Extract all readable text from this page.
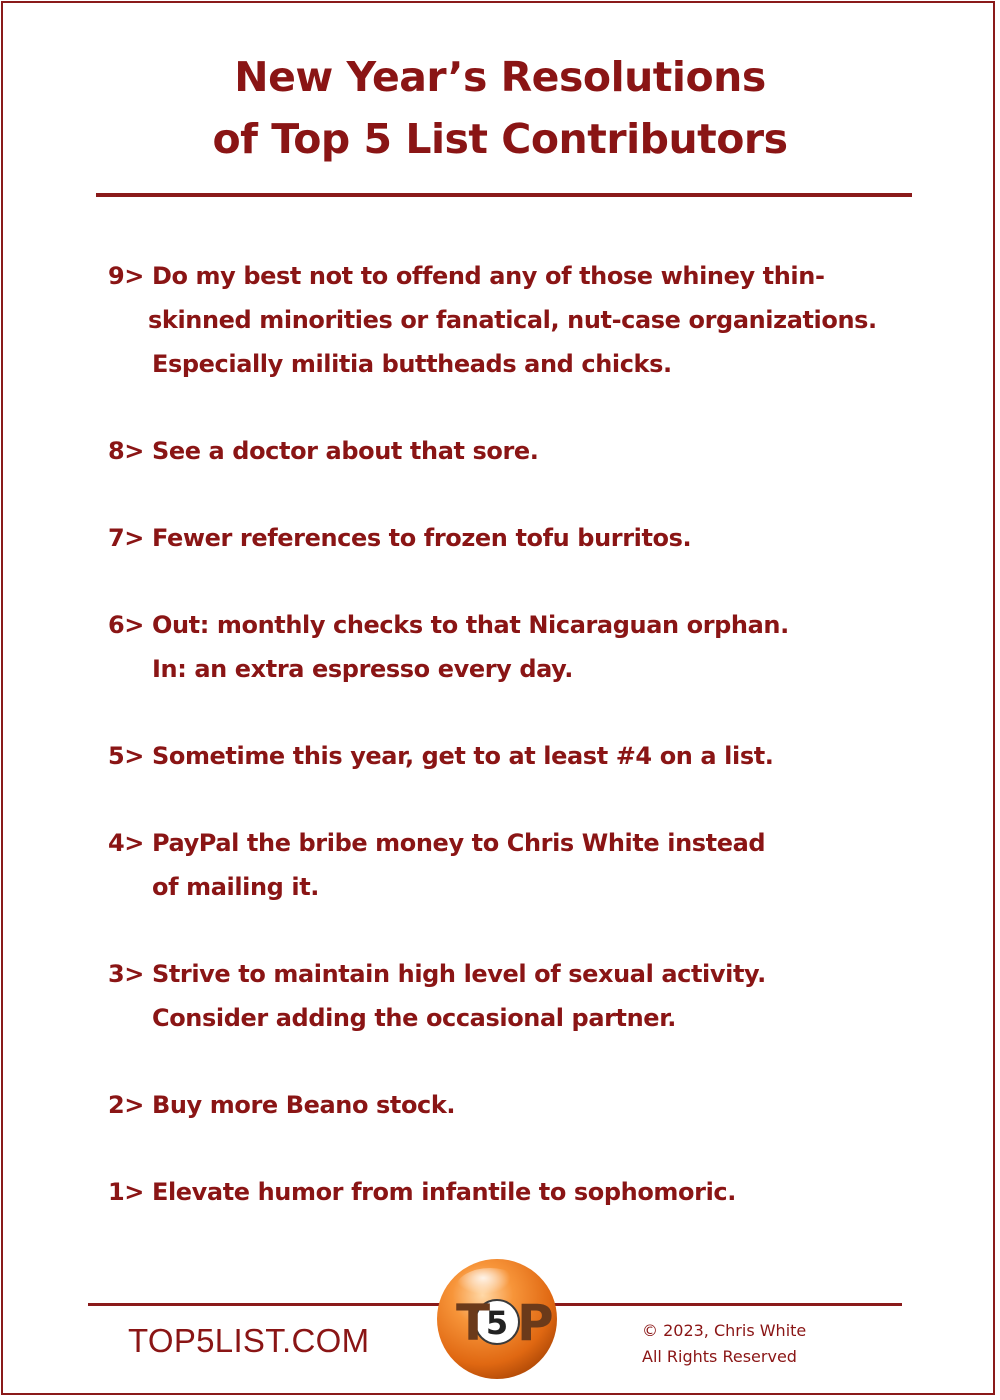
New Year’s Resolutions
of Top 5 List Contributors
9> Do my best not to offend any of those whiney thin-
skinned minorities or fanatical, nut-case organizations.
Especially militia buttheads and chicks.
8> See a doctor about that sore.
7> Fewer references to frozen tofu burritos.
6> Out: monthly checks to that Nicaraguan orphan.
In: an extra espresso every day.
5> Sometime this year, get to at least #4 on a list.
4> PayPal the bribe money to Chris White instead
of mailing it.
3> Strive to maintain high level of sexual activity.
Consider adding the occasional partner.
2> Buy more Beano stock.
1> Elevate humor from infantile to sophomoric.
TOP5LIST.COM T
5 P	© 2023, Chris White
All Rights Reserved
